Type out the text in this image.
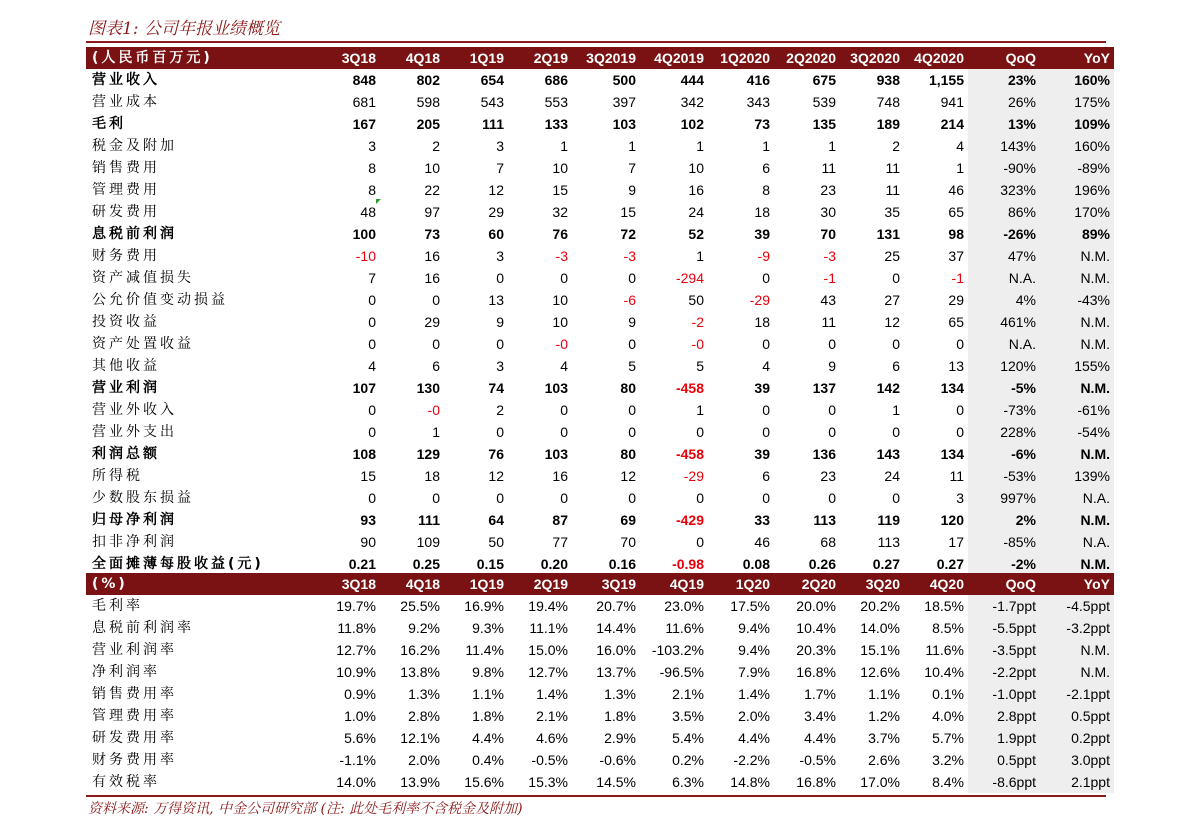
图表1: 公司年报业绩概览
(人民币百万元)	3Q18	4Q18	1Q19	2Q19	3Q2019	4Q2019	1Q2020	2Q2020	3Q2020	4Q2020	QoQ	YoY
营业收入	848	802	654	686	500	444	416	675	938	1,155	23%	160%
营业成本	681	598	543	553	397	342	343	539	748	941	26%	175%
毛利	167	205	111	133	103	102	73	135	189	214	13%	109%
税金及附加	3	2	3	1	1	1	1	1	2	4	143%	160%
销售费用	8	10	7	10	7	10	6	11	11	1	-90%	-89%
管理费用	8	22	12	15	9	16	8	23	11	46	323%	196%
研发费用	48	97	29	32	15	24	18	30	35	65	86%	170%
息税前利润	100	73	60	76	72	52	39	70	131	98	-26%	89%
财务费用	-10	16	3	-3	-3	1	-9	-3	25	37	47%	N.M.
资产减值损失	7	16	0	0	0	-294	0	-1	0	-1	N.A.	N.M.
公允价值变动损益	0	0	13	10	-6	50	-29	43	27	29	4%	-43%
投资收益	0	29	9	10	9	-2	18	11	12	65	461%	N.M.
资产处置收益	0	0	0	-0	0	-0	0	0	0	0	N.A.	N.M.
其他收益	4	6	3	4	5	5	4	9	6	13	120%	155%
营业利润	107	130	74	103	80	-458	39	137	142	134	-5%	N.M.
营业外收入	0	-0	2	0	0	1	0	0	1	0	-73%	-61%
营业外支出	0	1	0	0	0	0	0	0	0	0	228%	-54%
利润总额	108	129	76	103	80	-458	39	136	143	134	-6%	N.M.
所得税	15	18	12	16	12	-29	6	23	24	11	-53%	139%
少数股东损益	0	0	0	0	0	0	0	0	0	3	997%	N.A.
归母净利润	93	111	64	87	69	-429	33	113	119	120	2%	N.M.
扣非净利润	90	109	50	77	70	0	46	68	113	17	-85%	N.A.
全面摊薄每股收益(元)	0.21	0.25	0.15	0.20	0.16	-0.98	0.08	0.26	0.27	0.27	-2%	N.M.
(%)	3Q18	4Q18	1Q19	2Q19	3Q19	4Q19	1Q20	2Q20	3Q20	4Q20	QoQ	YoY
毛利率	19.7%	25.5%	16.9%	19.4%	20.7%	23.0%	17.5%	20.0%	20.2%	18.5%	-1.7ppt	-4.5ppt
息税前利润率	11.8%	9.2%	9.3%	11.1%	14.4%	11.6%	9.4%	10.4%	14.0%	8.5%	-5.5ppt	-3.2ppt
营业利润率	12.7%	16.2%	11.4%	15.0%	16.0%	-103.2%	9.4%	20.3%	15.1%	11.6%	-3.5ppt	N.M.
净利润率	10.9%	13.8%	9.8%	12.7%	13.7%	-96.5%	7.9%	16.8%	12.6%	10.4%	-2.2ppt	N.M.
销售费用率	0.9%	1.3%	1.1%	1.4%	1.3%	2.1%	1.4%	1.7%	1.1%	0.1%	-1.0ppt	-2.1ppt
管理费用率	1.0%	2.8%	1.8%	2.1%	1.8%	3.5%	2.0%	3.4%	1.2%	4.0%	2.8ppt	0.5ppt
研发费用率	5.6%	12.1%	4.4%	4.6%	2.9%	5.4%	4.4%	4.4%	3.7%	5.7%	1.9ppt	0.2ppt
财务费用率	-1.1%	2.0%	0.4%	-0.5%	-0.6%	0.2%	-2.2%	-0.5%	2.6%	3.2%	0.5ppt	3.0ppt
有效税率	14.0%	13.9%	15.6%	15.3%	14.5%	6.3%	14.8%	16.8%	17.0%	8.4%	-8.6ppt	2.1ppt
资料来源: 万得资讯, 中金公司研究部 (注: 此处毛利率不含税金及附加)
